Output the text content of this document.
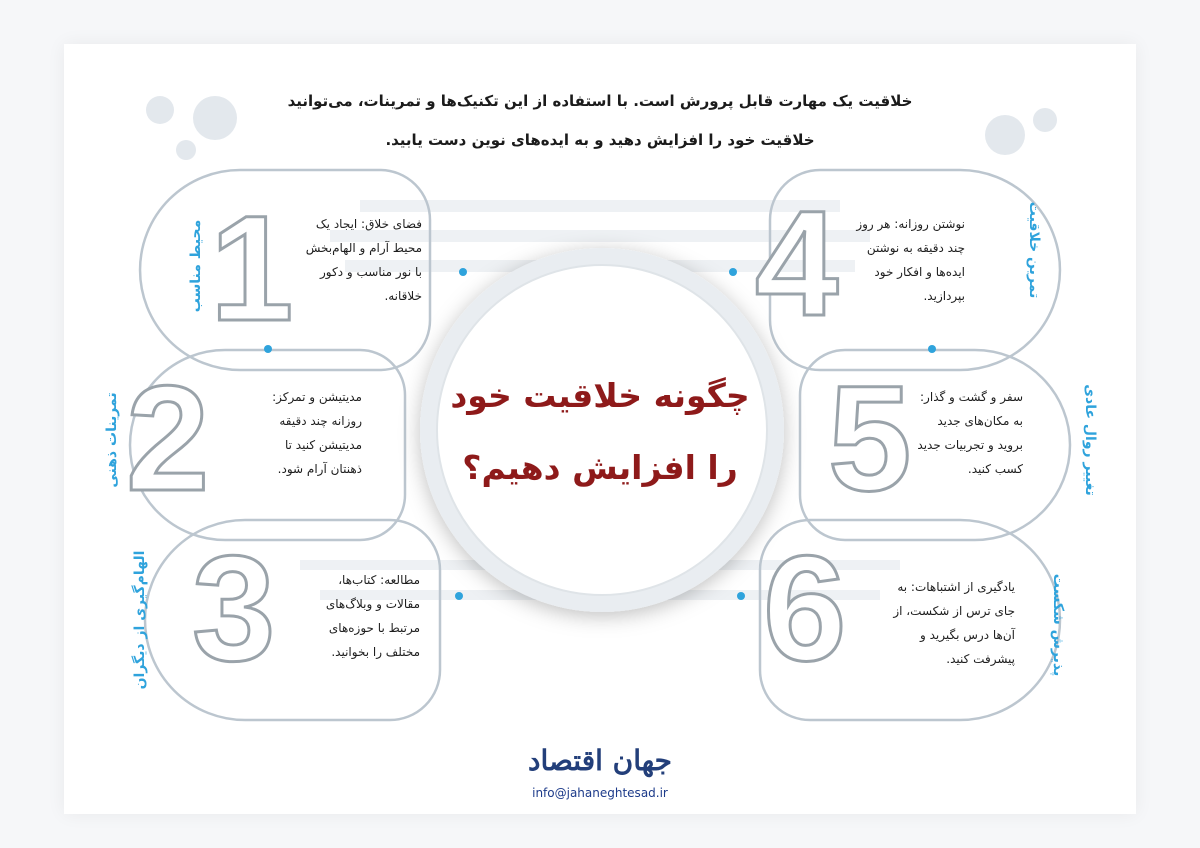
1
2
3
4
5
6
خلاقیت یک مهارت قابل پرورش است. با استفاده از این تکنیک‌ها و تمرینات، می‌توانید
خلاقیت خود را افزایش دهید و به ایده‌های نوین دست یابید.
چگونه خلاقیت خود
را افزایش دهیم؟
فضای خلاق: ایجاد یک
محیط آرام و الهام‌بخش
با نور مناسب و دکور
خلاقانه.
مدیتیشن و تمرکز:
روزانه چند دقیقه
مدیتیشن کنید تا
ذهنتان آرام شود.
مطالعه: کتاب‌ها،
مقالات و وبلاگ‌های
مرتبط با حوزه‌های
مختلف را بخوانید.
نوشتن روزانه: هر روز
چند دقیقه به نوشتن
ایده‌ها و افکار خود
بپردازید.
سفر و گشت و گذار:
به مکان‌های جدید
بروید و تجربیات جدید
کسب کنید.
یادگیری از اشتباهات: به
جای ترس از شکست، از
آن‌ها درس بگیرید و
پیشرفت کنید.
محیط مناسب
تمرینات ذهنی
الهام‌گیری از دیگران
تمرین خلاقیت
تغییر روال عادی
پذیرش شکست
جهان اقتصاد
info@jahaneghtesad.ir
